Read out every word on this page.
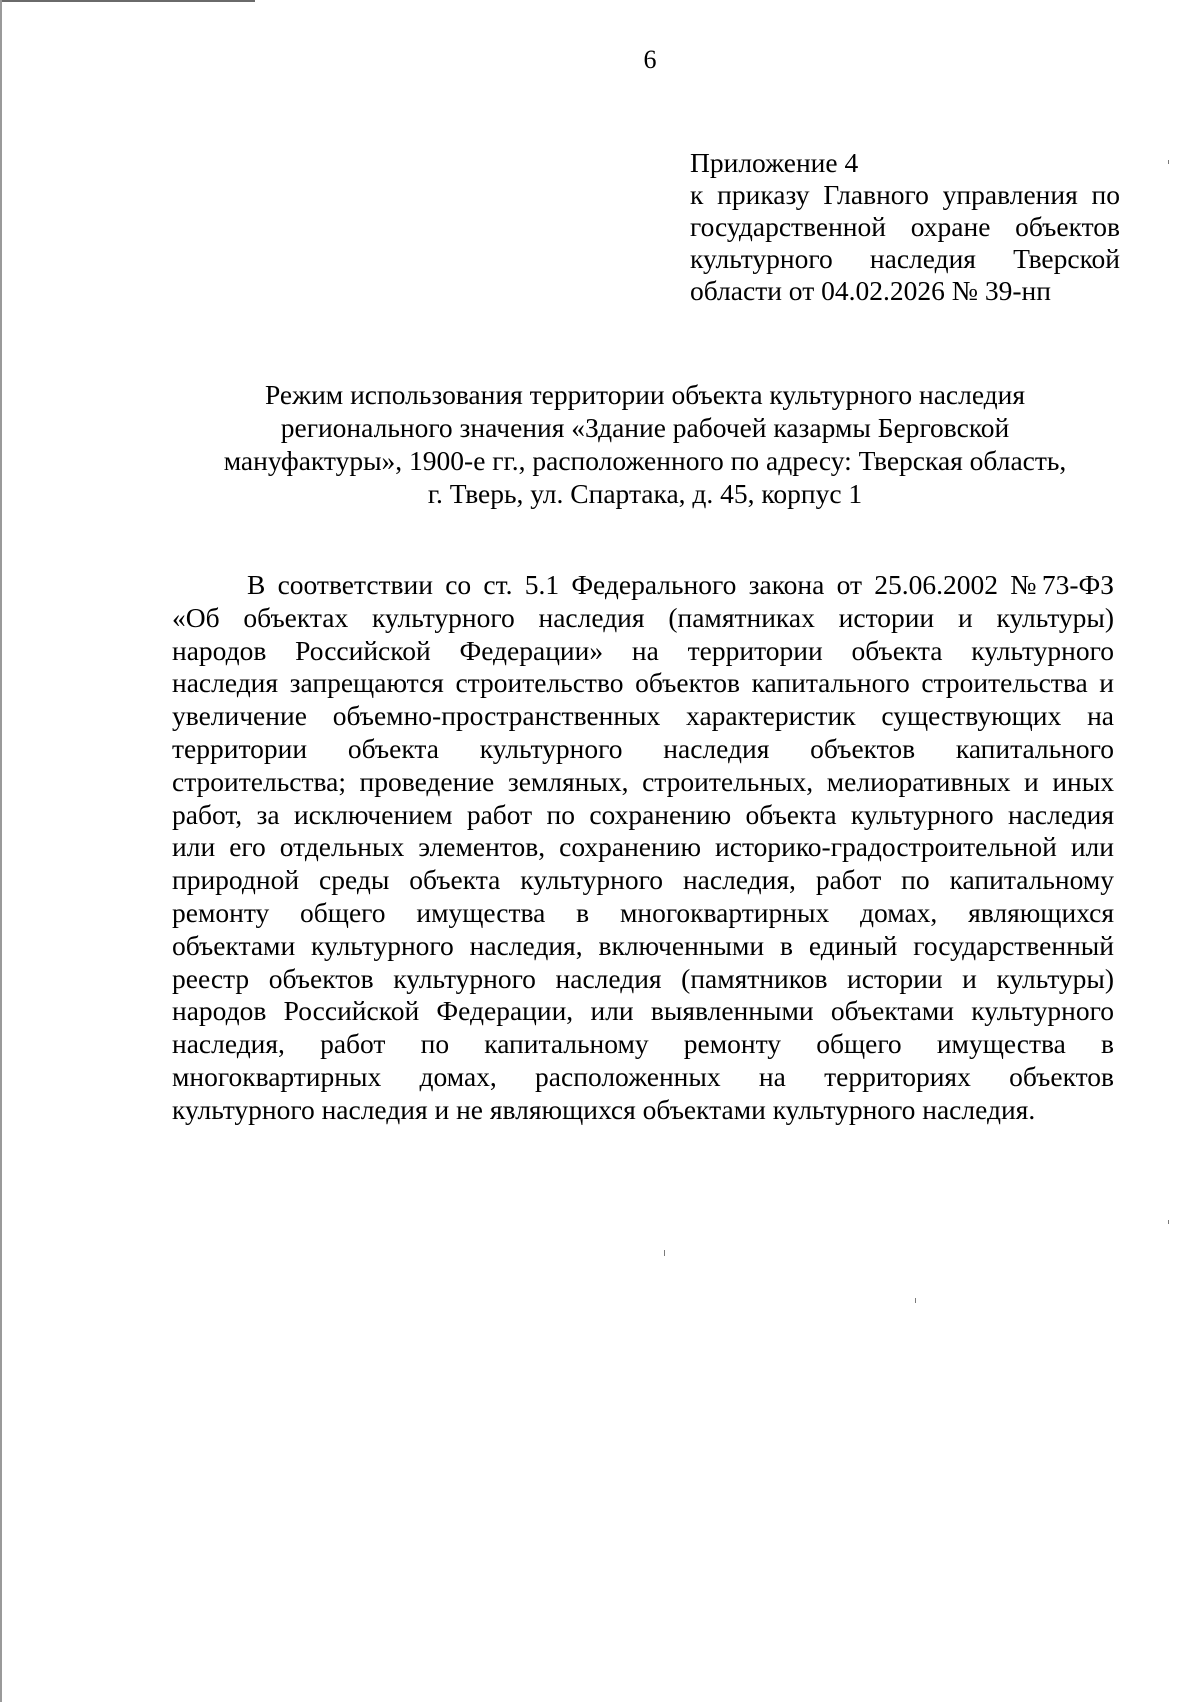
6
Приложение 4
к приказу Главного управления по
государственной охране объектов
культурного наследия Тверской
области от 04.02.2026 № 39-нп
Режим использования территории объекта культурного наследия
регионального значения «Здание рабочей казармы Берговской
мануфактуры», 1900-е гг., расположенного по адресу: Тверская область,
г. Тверь, ул. Спартака, д. 45, корпус 1
В соответствии со ст. 5.1 Федерального закона от 25.06.2002 №73-ФЗ
«Об объектах культурного наследия (памятниках истории и культуры)
народов Российской Федерации» на территории объекта культурного
наследия запрещаются строительство объектов капитального строительства и
увеличение объемно-пространственных характеристик существующих на
территории объекта культурного наследия объектов капитального
строительства; проведение земляных, строительных, мелиоративных и иных
работ, за исключением работ по сохранению объекта культурного наследия
или его отдельных элементов, сохранению историко-градостроительной или
природной среды объекта культурного наследия, работ по капитальному
ремонту общего имущества в многоквартирных домах, являющихся
объектами культурного наследия, включенными в единый государственный
реестр объектов культурного наследия (памятников истории и культуры)
народов Российской Федерации, или выявленными объектами культурного
наследия, работ по капитальному ремонту общего имущества в
многоквартирных домах, расположенных на территориях объектов
культурного наследия и не являющихся объектами культурного наследия.
